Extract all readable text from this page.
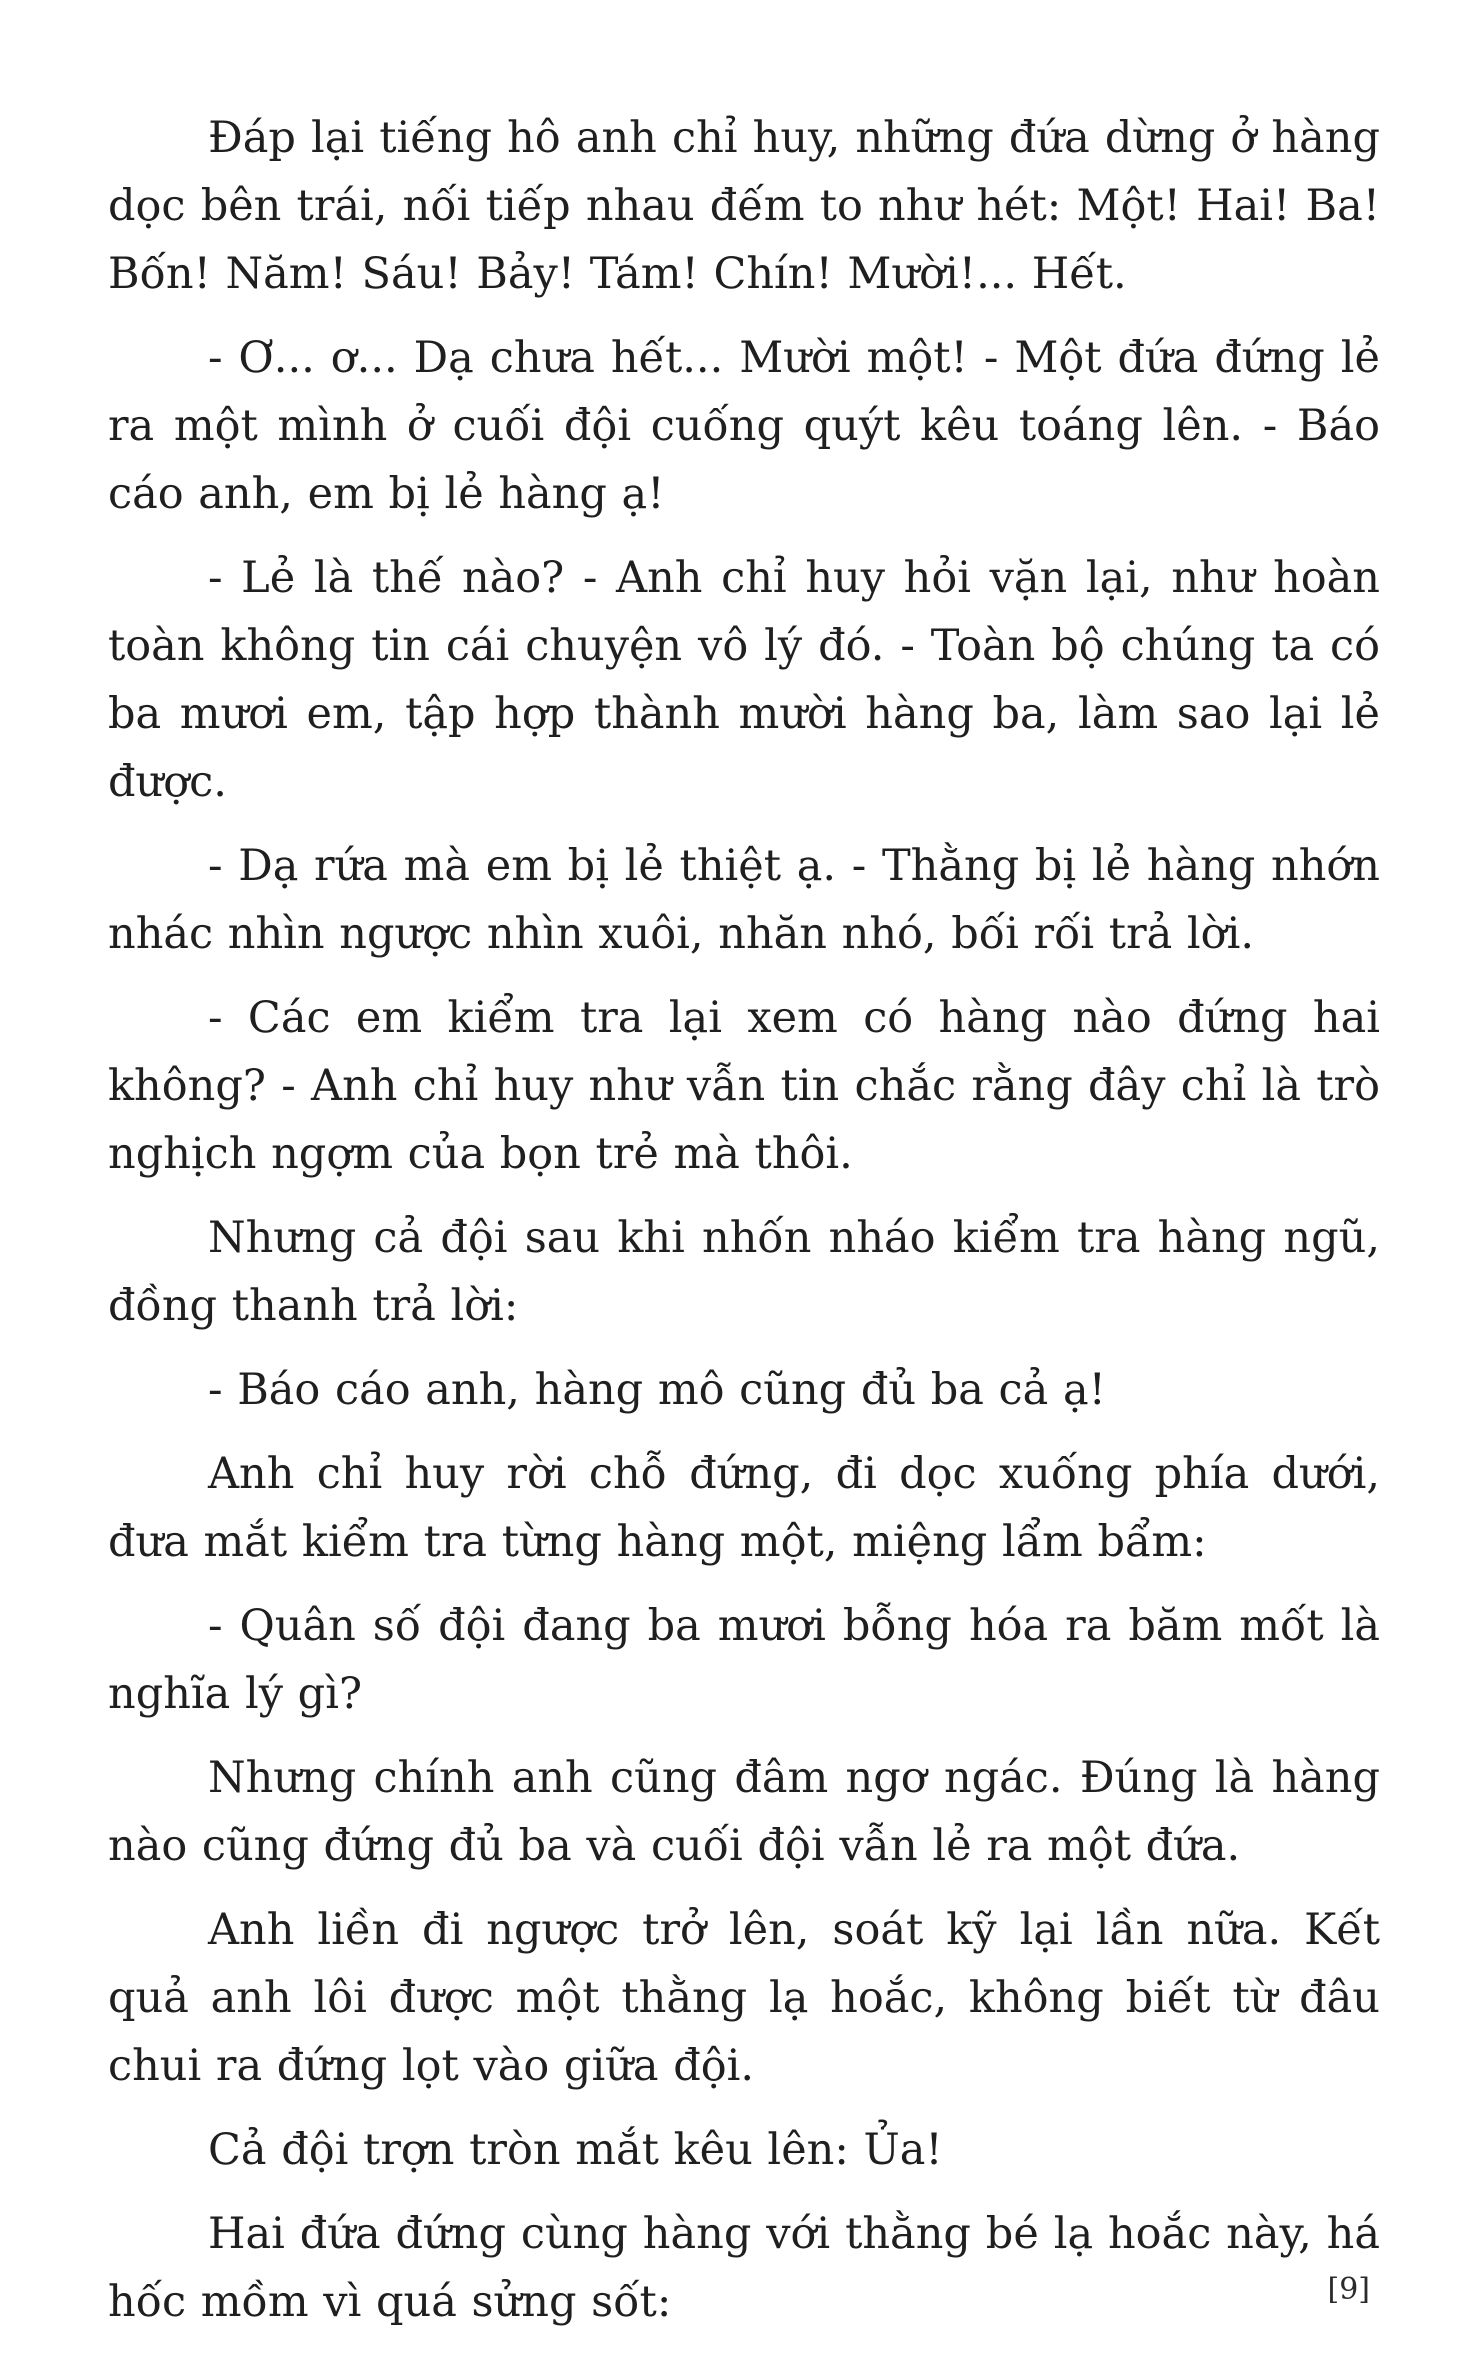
Đáp lại tiếng hô anh chỉ huy, những đứa dừng ở hàng dọc bên trái, nối tiếp nhau đếm to như hét: Một! Hai! Ba! Bốn! Năm! Sáu! Bảy! Tám! Chín! Mười!... Hết.

- Ơ... ơ... Dạ chưa hết... Mười một! - Một đứa đứng lẻ ra một mình ở cuối đội cuống quýt kêu toáng lên. - Báo cáo anh, em bị lẻ hàng ạ!

- Lẻ là thế nào? - Anh chỉ huy hỏi vặn lại, như hoàn toàn không tin cái chuyện vô lý đó. - Toàn bộ chúng ta có ba mươi em, tập hợp thành mười hàng ba, làm sao lại lẻ được.

- Dạ rứa mà em bị lẻ thiệt ạ. - Thằng bị lẻ hàng nhớn nhác nhìn ngược nhìn xuôi, nhăn nhó, bối rối trả lời.

- Các em kiểm tra lại xem có hàng nào đứng hai không? - Anh chỉ huy như vẫn tin chắc rằng đây chỉ là trò nghịch ngợm của bọn trẻ mà thôi.

Nhưng cả đội sau khi nhốn nháo kiểm tra hàng ngũ, đồng thanh trả lời:

- Báo cáo anh, hàng mô cũng đủ ba cả ạ!

Anh chỉ huy rời chỗ đứng, đi dọc xuống phía dưới, đưa mắt kiểm tra từng hàng một, miệng lẩm bẩm:

- Quân số đội đang ba mươi bỗng hóa ra băm mốt là nghĩa lý gì?

Nhưng chính anh cũng đâm ngơ ngác. Đúng là hàng nào cũng đứng đủ ba và cuối đội vẫn lẻ ra một đứa.

Anh liền đi ngược trở lên, soát kỹ lại lần nữa. Kết quả anh lôi được một thằng lạ hoắc, không biết từ đâu chui ra đứng lọt vào giữa đội.

Cả đội trợn tròn mắt kêu lên: Ủa!

Hai đứa đứng cùng hàng với thằng bé lạ hoắc này, há hốc mồm vì quá sửng sốt:	[9]
